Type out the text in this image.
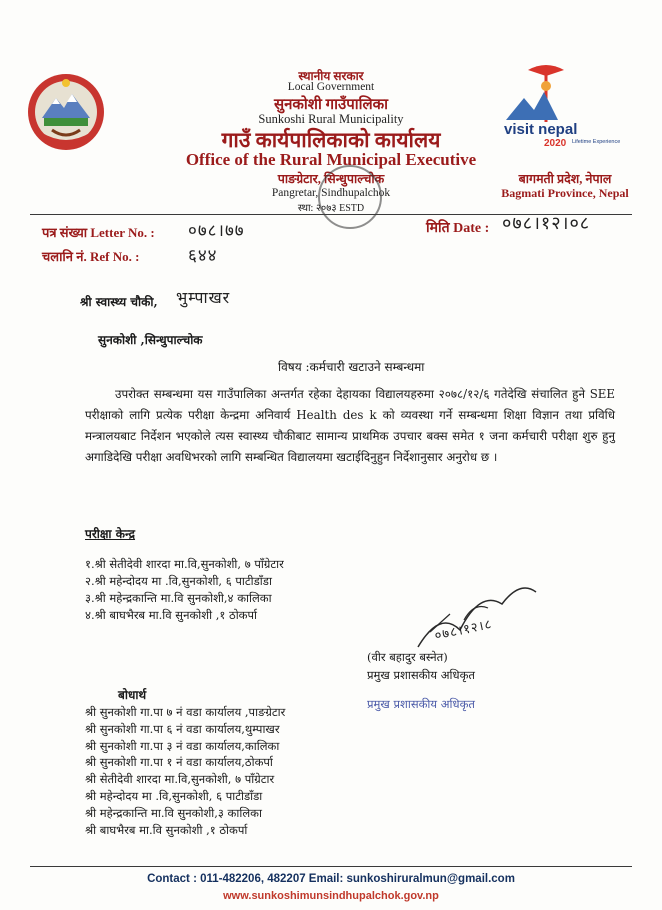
स्थानीय सरकार
Local Government
सुनकोशी गाउँपालिका
Sunkoshi Rural Municipality
गाउँ कार्यपालिकाको कार्यालय
Office of the Rural Municipal Executive
पाङग्रेटार, सिन्धुपाल्चोक
Pangretar, Sindhupalchok
स्था: २०७३ ESTD
visit nepal
2020 Lifetime Experiences
बागमती प्रदेश, नेपाल
Bagmati Province, Nepal
पत्र संख्या Letter No. : ०७८।७७
चलानि नं. Ref No. :	६४४
मिति Date : ०७८।१२।०८
श्री स्वास्थ्य चौकी, भुम्पाखर
सुनकोशी ,सिन्धुपाल्चोक
विषय :कर्मचारी खटाउने सम्बन्धमा
उपरोक्त सम्बन्धमा यस गाउँपालिका अन्तर्गत रहेका देहायका विद्यालयहरुमा २०७८/१२/६ गतेदेखि संचालित हुने SEE परीक्षाको लागि प्रत्येक परीक्षा केन्द्रमा अनिवार्य Health des k को व्यवस्था गर्ने सम्बन्धमा शिक्षा विज्ञान तथा प्रविधि मन्त्रालयबाट निर्देशन भएकोले त्यस स्वास्थ्य चौकीबाट सामान्य प्राथमिक उपचार बक्स समेत १ जना कर्मचारी परीक्षा शुरु हुनु अगाडिदेखि परीक्षा अवधिभरको लागि सम्बन्धित विद्यालयमा खटाईदिनुहुन निर्देशानुसार अनुरोध छ ।
परीक्षा केन्द्र
१.श्री सेतीदेवी शारदा मा.वि,सुनकोशी, ७ पाँग्रेटार
२.श्री महेन्दोदय मा .वि,सुनकोशी, ६ पाटीडाँडा
३.श्री महेन्द्रकान्ति मा.वि सुनकोशी,४ कालिका
४.श्री बाघभैरब मा.वि सुनकोशी ,१ ठोकर्पा
०७८।१२।८
(वीर बहादुर बस्नेत)
प्रमुख प्रशासकीय अधिकृत
प्रमुख प्रशासकीय अधिकृत
बोधार्थ
श्री सुनकोशी गा.पा ७ नं वडा कार्यालय ,पाङग्रेटार
श्री सुनकोशी गा.पा ६ नं वडा कार्यालय,थुम्पाखर
श्री सुनकोशी गा.पा ३ नं वडा कार्यालय,कालिका
श्री सुनकोशी गा.पा १ नं वडा कार्यालय,ठोकर्पा
श्री सेतीदेवी शारदा मा.वि,सुनकोशी, ७ पाँग्रेटार
श्री महेन्दोदय मा .वि,सुनकोशी, ६ पाटीडाँडा
श्री महेन्द्रकान्ति मा.वि सुनकोशी,३ कालिका
श्री बाघभैरब मा.वि सुनकोशी ,१ ठोकर्पा
Contact : 011-482206, 482207 Email: sunkoshiruralmun@gmail.com
www.sunkoshimunsindhupalchok.gov.np
